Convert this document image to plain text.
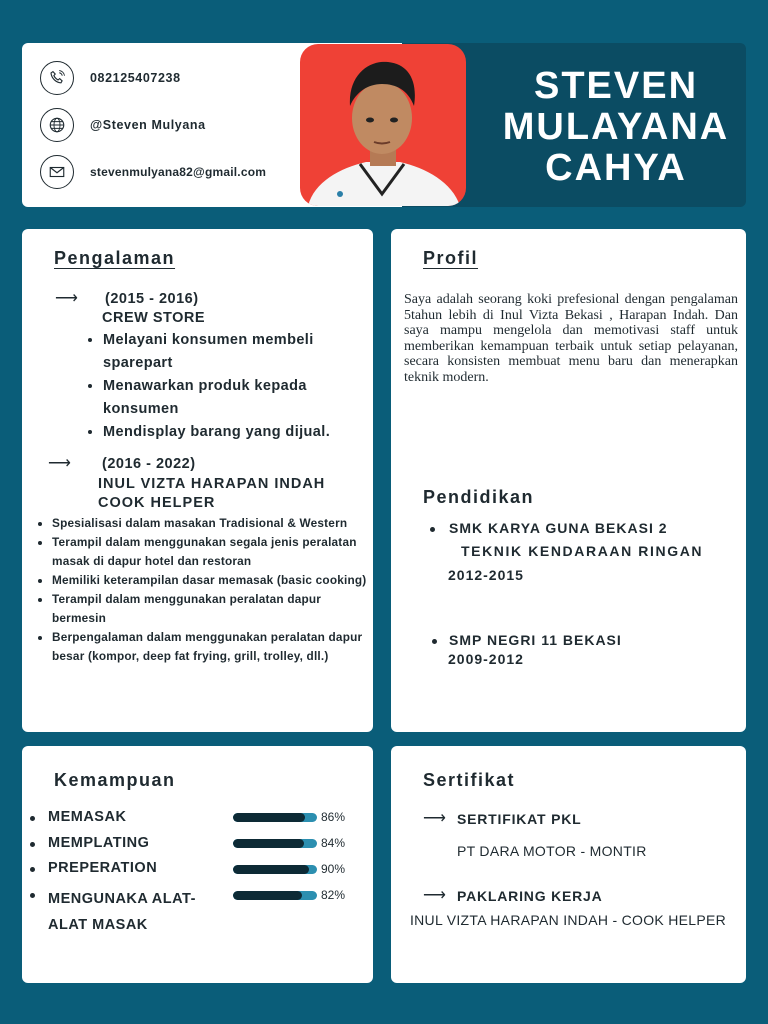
082125407238
@Steven Mulyana
stevenmulyana82@gmail.com
STEVEN
MULAYANA
CAHYA
Pengalaman
⟶ (2015 - 2016)
CREW STORE
• Melayani konsumen membeli sparepart
• Menawarkan produk kepada konsumen
• Mendisplay barang yang dijual.
⟶ (2016 - 2022)
INUL VIZTA HARAPAN INDAH
COOK HELPER
• Spesialisasi dalam masakan Tradisional & Western
• Terampil dalam menggunakan segala jenis peralatan masak di dapur hotel dan restoran
• Memiliki keterampilan dasar memasak (basic cooking)
• Terampil dalam menggunakan peralatan dapur bermesin
• Berpengalaman dalam menggunakan peralatan dapur besar (kompor, deep fat frying, grill, trolley, dll.)
Profil
Saya adalah seorang koki prefesional dengan pengalaman 5tahun lebih di Inul Vizta Bekasi , Harapan Indah. Dan saya mampu mengelola dan memotivasi staff untuk memberikan kemampuan terbaik untuk setiap pelayanan, secara konsisten membuat menu baru dan menerapkan teknik modern.
Pendidikan
SMK KARYA GUNA BEKASI 2
TEKNIK KENDARAAN RINGAN
2012-2015
SMP NEGRI 11 BEKASI
2009-2012
Kemampuan
MEMASAK	86%
MEMPLATING	84%
PREPERATION	90%
MENGUNAKA ALAT-ALAT MASAK
82%
Sertifikat
⟶ SERTIFIKAT PKL
PT DARA MOTOR - MONTIR
⟶ PAKLARING KERJA
INUL VIZTA HARAPAN INDAH - COOK HELPER
